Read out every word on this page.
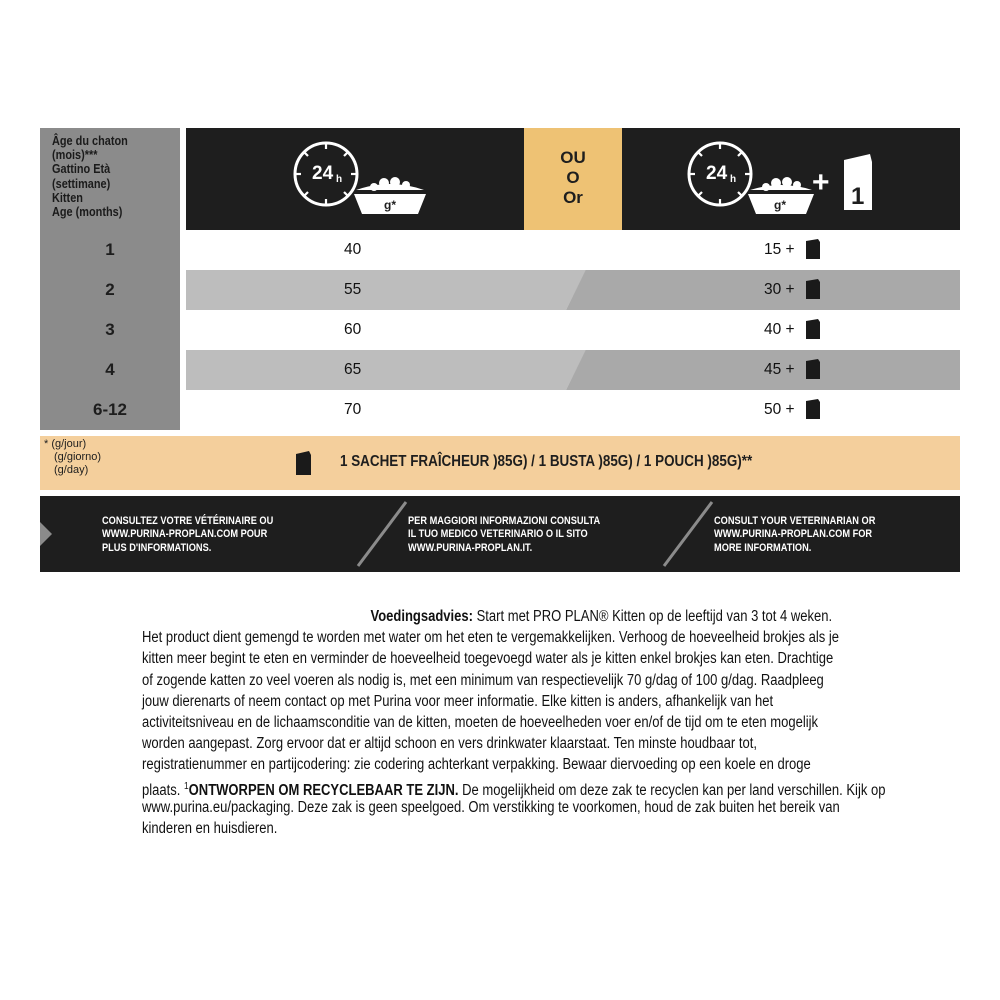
Âge du chaton
(mois)***
Gattino Età
(settimane)
Kitten
Age (months)
OU
O
Or
24 h
g*
24 h
g*
+ 1
1
2
3
4
6-12
40
55
60
65
70
15 +
30 +
40 +
45 +
50 +
* (g/jour)
(g/giorno)
(g/day)	1 SACHET FRAÎCHEUR )85G) / 1 BUSTA )85G) / 1 POUCH )85G)**
CONSULTEZ VOTRE VÉTÉRINAIRE OU
WWW.PURINA-PROPLAN.COM POUR
PLUS D'INFORMATIONS.
PER MAGGIORI INFORMAZIONI CONSULTA
IL TUO MEDICO VETERINARIO O IL SITO
WWW.PURINA-PROPLAN.IT.
CONSULT YOUR VETERINARIAN OR
WWW.PURINA-PROPLAN.COM FOR
MORE INFORMATION.
Voedingsadvies: Start met PRO PLAN® Kitten op de leeftijd van 3 tot 4 weken.
Het product dient gemengd te worden met water om het eten te vergemakkelijken. Verhoog de hoeveelheid brokjes als je
kitten meer begint te eten en verminder de hoeveelheid toegevoegd water als je kitten enkel brokjes kan eten. Drachtige
of zogende katten zo veel voeren als nodig is, met een minimum van respectievelijk 70 g/dag of 100 g/dag. Raadpleeg
jouw dierenarts of neem contact op met Purina voor meer informatie. Elke kitten is anders, afhankelijk van het
activiteitsniveau en de lichaamsconditie van de kitten, moeten de hoeveelheden voer en/of de tijd om te eten mogelijk
worden aangepast. Zorg ervoor dat er altijd schoon en vers drinkwater klaarstaat. Ten minste houdbaar tot,
registratienummer en partijcodering: zie codering achterkant verpakking. Bewaar diervoeding op een koele en droge
plaats. $^1$ONTWORPEN OM RECYCLEBAAR TE ZIJN. De mogelijkheid om deze zak te recyclen kan per land verschillen. Kijk op
www.purina.eu/packaging. Deze zak is geen speelgoed. Om verstikking te voorkomen, houd de zak buiten het bereik van
kinderen en huisdieren.
